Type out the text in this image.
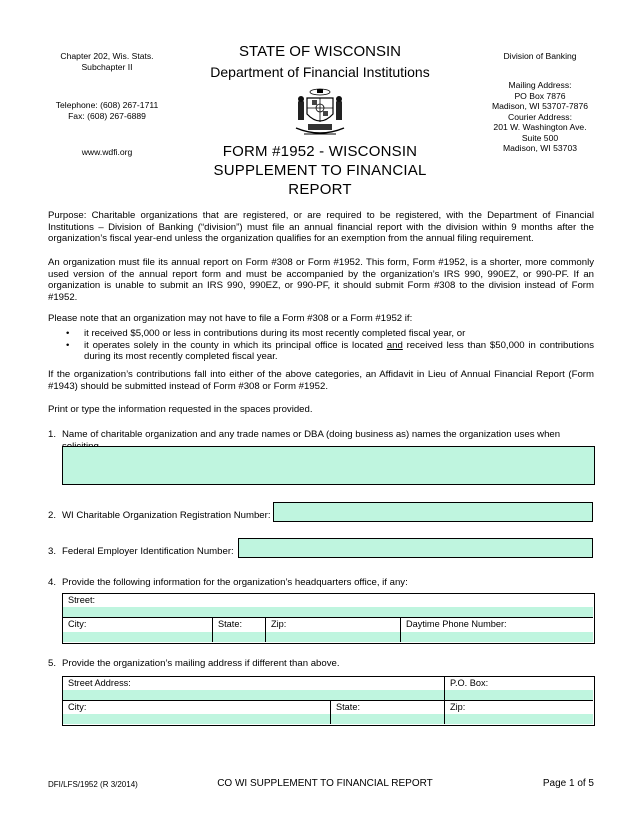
Chapter 202, Wis. Stats.
Subchapter II
Telephone: (608) 267-1711
Fax: (608) 267-6889
www.wdfi.org
STATE OF WISCONSIN
Department of Financial Institutions
FORM #1952 - WISCONSIN
SUPPLEMENT TO FINANCIAL
REPORT
Division of Banking
Mailing Address:
PO Box 7876
Madison, WI 53707-7876
Courier Address:
201 W. Washington Ave.
Suite 500
Madison, WI 53703
Purpose: Charitable organizations that are registered, or are required to be registered, with the Department of Financial Institutions – Division of Banking (“division”) must file an annual financial report with the division within 9 months after the organization’s fiscal year-end unless the organization qualifies for an exemption from the annual filing requirement.
An organization must file its annual report on Form #308 or Form #1952. This form, Form #1952, is a shorter, more commonly used version of the annual report form and must be accompanied by the organization’s IRS 990, 990EZ, or 990-PF. If an organization is unable to submit an IRS 990, 990EZ, or 990-PF, it should submit Form #308 to the division instead of Form #1952.
Please note that an organization may not have to file a Form #308 or a Form #1952 if:
• it received $5,000 or less in contributions during its most recently completed fiscal year, or
• it operates solely in the county in which its principal office is located and received less than $50,000 in contributions during its most recently completed fiscal year.
If the organization’s contributions fall into either of the above categories, an Affidavit in Lieu of Annual Financial Report (Form #1943) should be submitted instead of Form #308 or Form #1952.
Print or type the information requested in the spaces provided.
1. Name of charitable organization and any trade names or DBA (doing business as) names the organization uses when
2. WI Charitable Organization Registration Number:
3. Federal Employer Identification Number:
4. Provide the following information for the organization’s headquarters office, if any:
Street:
City:	State:	Zip:	Daytime Phone Number:
5. Provide the organization’s mailing address if different than above.
Street Address:	P.O. Box:
City:	State:	Zip:
DFI/LFS/1952 (R 3/2014)	CO WI SUPPLEMENT TO FINANCIAL REPORT	Page 1 of 5
